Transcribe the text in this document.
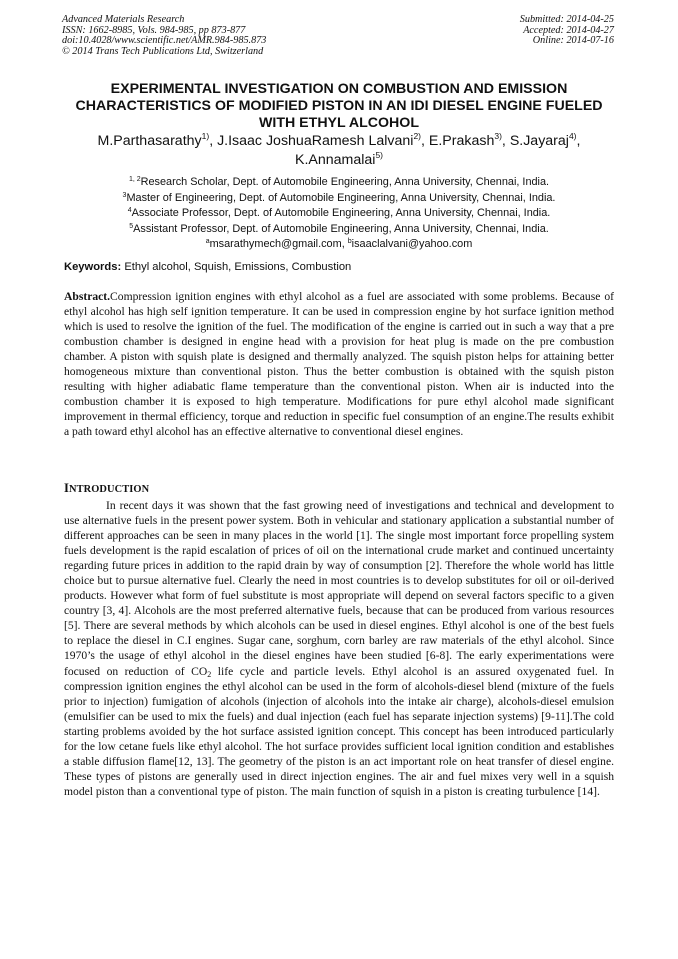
Advanced Materials Research
ISSN: 1662-8985, Vols. 984-985, pp 873-877
doi:10.4028/www.scientific.net/AMR.984-985.873
© 2014 Trans Tech Publications Ltd, Switzerland
Submitted: 2014-04-25
Accepted: 2014-04-27
Online: 2014-07-16
EXPERIMENTAL INVESTIGATION ON COMBUSTION AND EMISSION CHARACTERISTICS OF MODIFIED PISTON IN AN IDI DIESEL ENGINE FUELED WITH ETHYL ALCOHOL
M.Parthasarathy$^{1)}$, J.Isaac JoshuaRamesh Lalvani$^{2)}$, E.Prakash$^{3)}$, S.Jayaraj$^{4)}$, K.Annamalai$^{5)}$
$^{1, 2}$Research Scholar, Dept. of Automobile Engineering, Anna University, Chennai, India.
$^3$Master of Engineering, Dept. of Automobile Engineering, Anna University, Chennai, India.
$^4$Associate Professor, Dept. of Automobile Engineering, Anna University, Chennai, India.
$^5$Assistant Professor, Dept. of Automobile Engineering, Anna University, Chennai, India.
$^a$msarathymech@gmail.com, $^b$isaaclalvani@yahoo.com
Keywords: Ethyl alcohol, Squish, Emissions, Combustion
Abstract.Compression ignition engines with ethyl alcohol as a fuel are associated with some problems. Because of ethyl alcohol has high self ignition temperature. It can be used in compression engine by hot surface ignition method which is used to resolve the ignition of the fuel. The modification of the engine is carried out in such a way that a pre combustion chamber is designed in engine head with a provision for heat plug is made on the pre combustion chamber. A piston with squish plate is designed and thermally analyzed. The squish piston helps for attaining better homogeneous mixture than conventional piston. Thus the better combustion is obtained with the squish piston resulting with higher adiabatic flame temperature than the conventional piston. When air is inducted into the combustion chamber it is exposed to high temperature. Modifications for pure ethyl alcohol made significant improvement in thermal efficiency, torque and reduction in specific fuel consumption of an engine.The results exhibit a path toward ethyl alcohol has an effective alternative to conventional diesel engines.
INTRODUCTION

In recent days it was shown that the fast growing need of investigations and technical and development to use alternative fuels in the present power system. Both in vehicular and stationary application a substantial number of different approaches can be seen in many places in the world [1]. The single most important force propelling system fuels development is the rapid escalation of prices of oil on the international crude market and continued uncertainty regarding future prices in addition to the rapid drain by way of consumption [2]. Therefore the whole world has little choice but to pursue alternative fuel. Clearly the need in most countries is to develop substitutes for oil or oil-derived products. However what form of fuel substitute is most appropriate will depend on several factors specific to a given country [3, 4]. Alcohols are the most preferred alternative fuels, because that can be produced from various resources [5]. There are several methods by which alcohols can be used in diesel engines. Ethyl alcohol is one of the best fuels to replace the diesel in C.I engines. Sugar cane, sorghum, corn barley are raw materials of the ethyl alcohol. Since 1970’s the usage of ethyl alcohol in the diesel engines have been studied [6-8]. The early experimentations were focused on reduction of $CO_2$ life cycle and particle levels. Ethyl alcohol is an assured oxygenated fuel. In compression ignition engines the ethyl alcohol can be used in the form of alcohols-diesel blend (mixture of the fuels prior to injection) fumigation of alcohols (injection of alcohols into the intake air charge), alcohols-diesel emulsion (emulsifier can be used to mix the fuels) and dual injection (each fuel has separate injection systems) [9-11].The cold starting problems avoided by the hot surface assisted ignition concept. This concept has been introduced particularly for the low cetane fuels like ethyl alcohol. The hot surface provides sufficient local ignition condition and establishes a stable diffusion flame[12, 13]. The geometry of the piston is an act important role on heat transfer of diesel engine. These types of pistons are generally used in direct injection engines. The air and fuel mixes very well in a squish model piston than a conventional type of piston. The main function of squish in a piston is creating turbulence [14].
